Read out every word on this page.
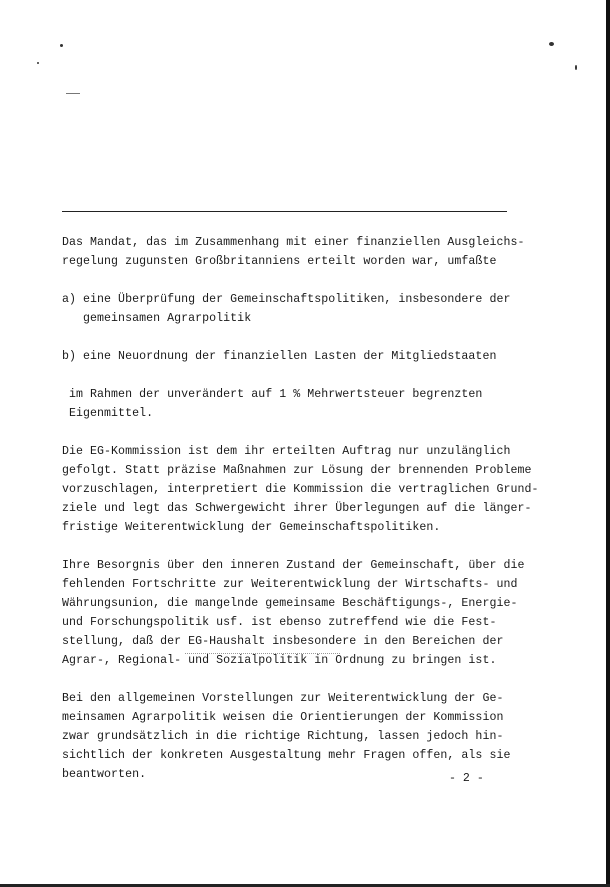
Das Mandat, das im Zusammenhang mit einer finanziellen Ausgleichs-
regelung zugunsten Großbritanniens erteilt worden war, umfaßte

a) eine Überprüfung der Gemeinschaftspolitiken, insbesondere der
gemeinsamen Agrarpolitik

b) eine Neuordnung der finanziellen Lasten der Mitgliedstaaten

im Rahmen der unverändert auf 1 % Mehrwertsteuer begrenzten
Eigenmittel.

Die EG-Kommission ist dem ihr erteilten Auftrag nur unzulänglich
gefolgt. Statt präzise Maßnahmen zur Lösung der brennenden Probleme
vorzuschlagen, interpretiert die Kommission die vertraglichen Grund-
ziele und legt das Schwergewicht ihrer Überlegungen auf die länger-
fristige Weiterentwicklung der Gemeinschaftspolitiken.

Ihre Besorgnis über den inneren Zustand der Gemeinschaft, über die
fehlenden Fortschritte zur Weiterentwicklung der Wirtschafts- und
Währungsunion, die mangelnde gemeinsame Beschäftigungs-, Energie-
und Forschungspolitik usf. ist ebenso zutreffend wie die Fest-
stellung, daß der EG-Haushalt insbesondere in den Bereichen der
Agrar-, Regional- und Sozialpolitik in Ordnung zu bringen ist.

Bei den allgemeinen Vorstellungen zur Weiterentwicklung der Ge-
meinsamen Agrarpolitik weisen die Orientierungen der Kommission
zwar grundsätzlich in die richtige Richtung, lassen jedoch hin-
sichtlich der konkreten Ausgestaltung mehr Fragen offen, als sie
beantworten.	- 2 -
